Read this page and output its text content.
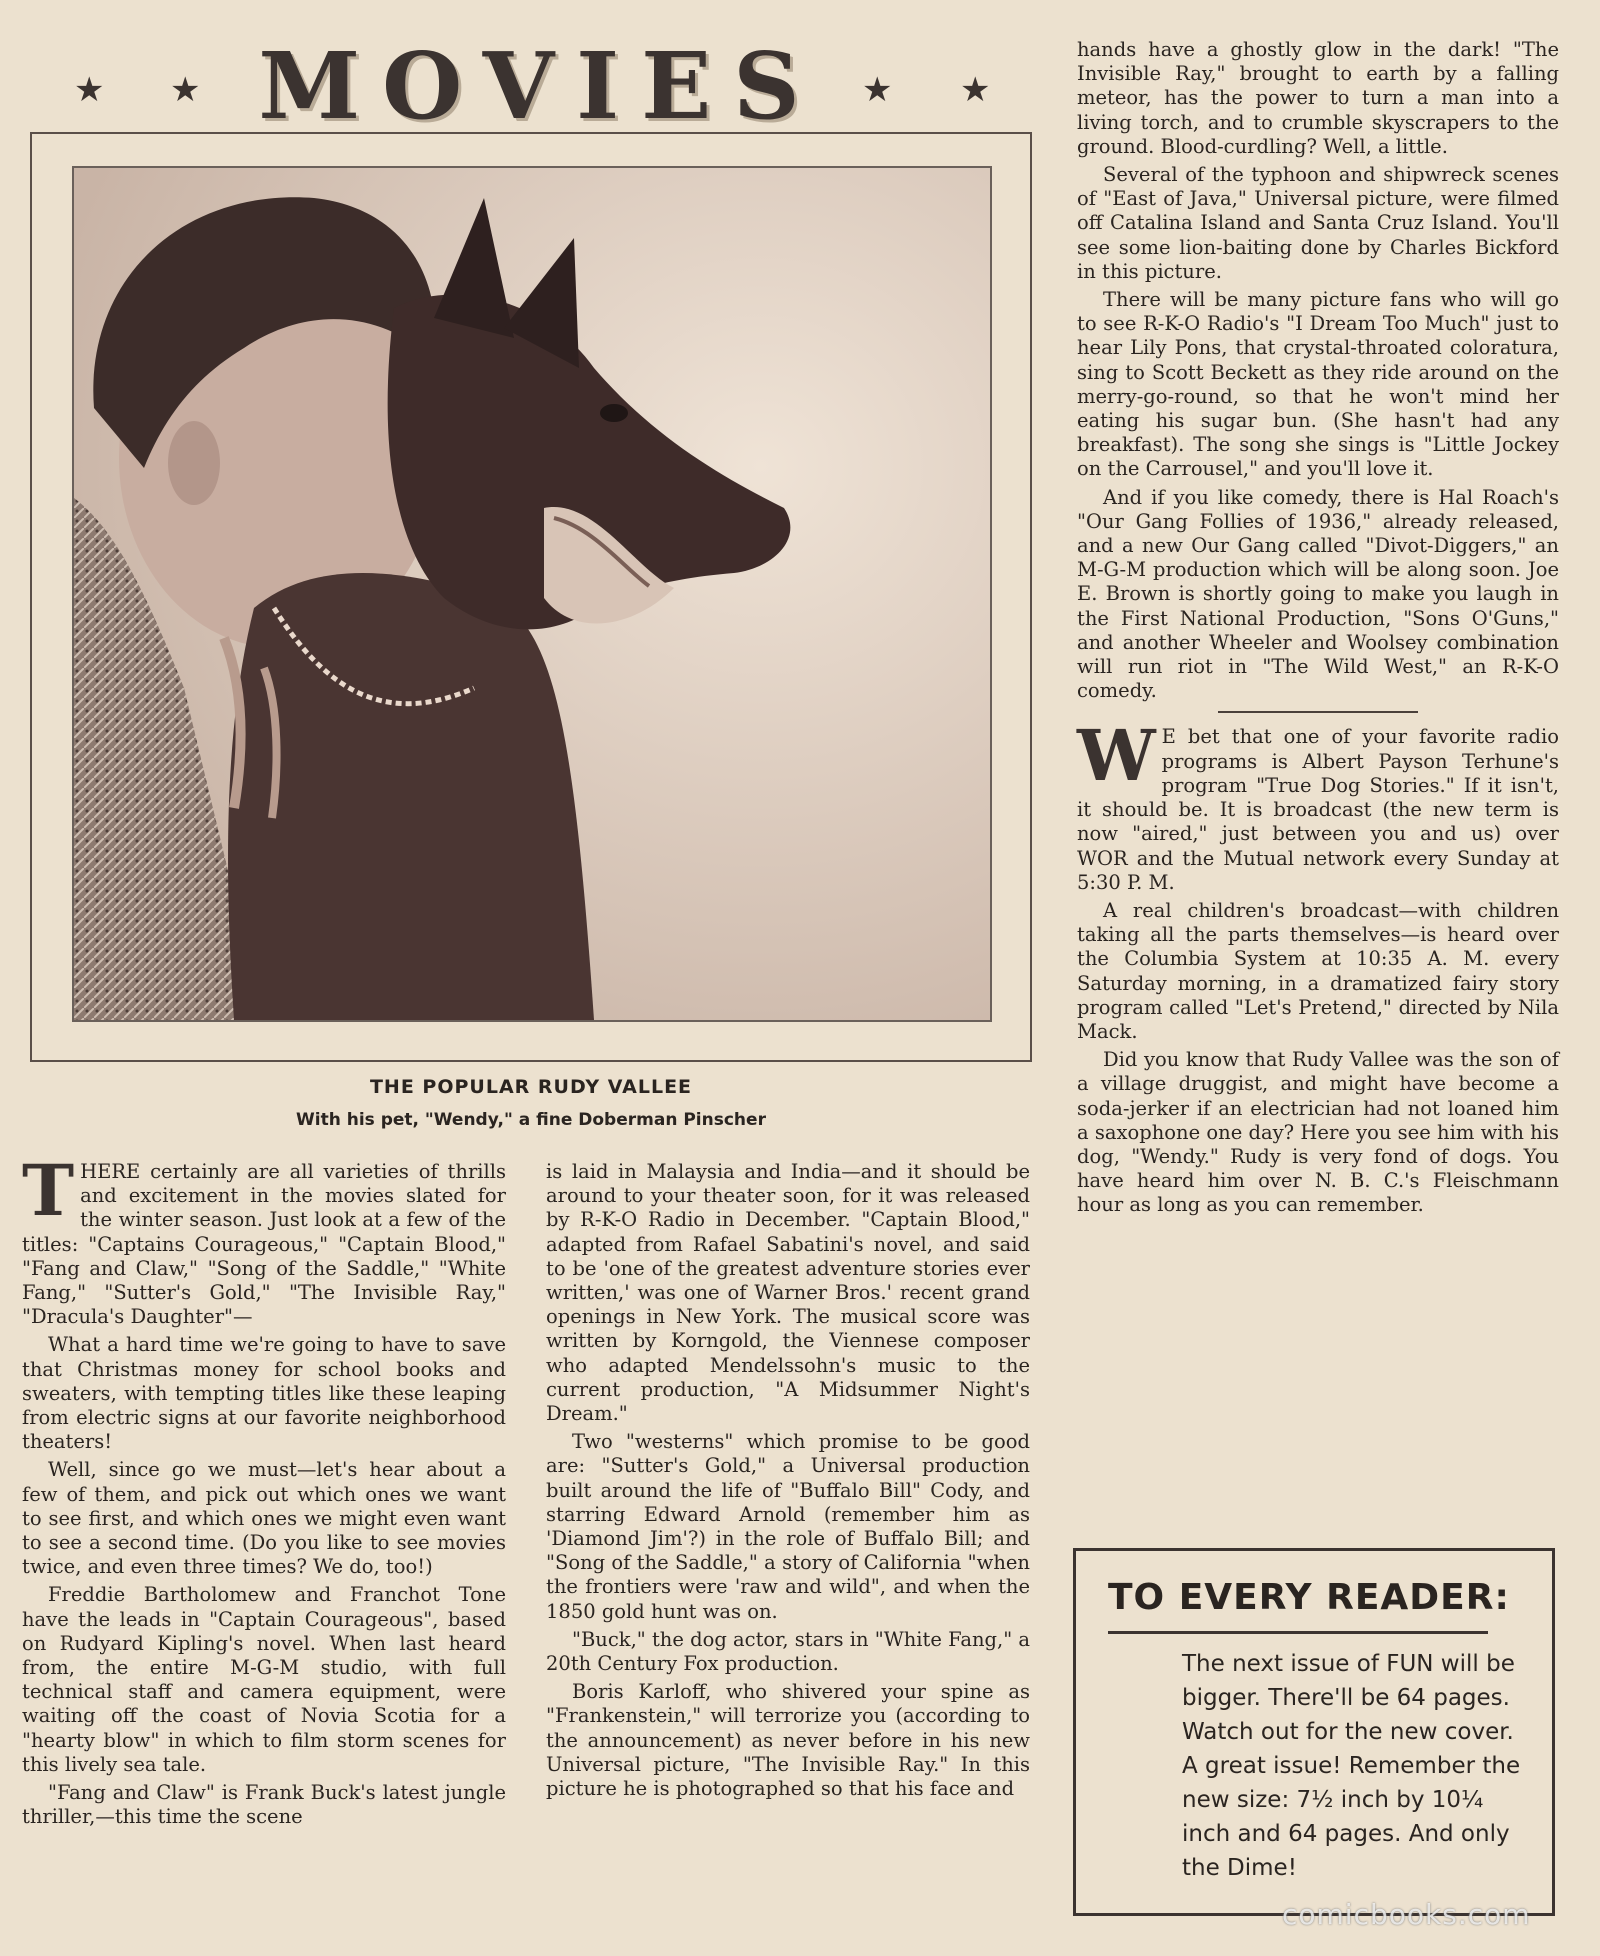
★ ★ MOVIES	★ ★
THE POPULAR RUDY VALLEE
With his pet, "Wendy," a fine Doberman Pinscher

THERE certainly are all varieties of thrills and excitement in the movies slated for the winter season. Just look at a few of the titles: "Captains Courageous," "Captain Blood," "Fang and Claw," "Song of the Saddle," "White Fang," "Sutter's Gold," "The Invisible Ray," "Dracula's Daughter"—

What a hard time we're going to have to save that Christmas money for school books and sweaters, with tempting titles like these leaping from electric signs at our favorite neighborhood theaters!

Well, since go we must—let's hear about a few of them, and pick out which ones we want to see first, and which ones we might even want to see a second time. (Do you like to see movies twice, and even three times? We do, too!)

Freddie Bartholomew and Franchot Tone have the leads in "Captain Courageous", based on Rudyard Kipling's novel. When last heard from, the entire M-G-M studio, with full technical staff and camera equipment, were waiting off the coast of Novia Scotia for a "hearty blow" in which to film storm scenes for this lively sea tale.

"Fang and Claw" is Frank Buck's latest jungle thriller,—this time the scene

is laid in Malaysia and India—and it should be around to your theater soon, for it was released by R-K-O Radio in December. "Captain Blood," adapted from Rafael Sabatini's novel, and said to be 'one of the greatest adventure stories ever written,' was one of Warner Bros.' recent grand openings in New York. The musical score was written by Korngold, the Viennese composer who adapted Mendelssohn's music to the current production, "A Midsummer Night's Dream."

Two "westerns" which promise to be good are: "Sutter's Gold," a Universal production built around the life of "Buffalo Bill" Cody, and starring Edward Arnold (remember him as 'Diamond Jim'?) in the role of Buffalo Bill; and "Song of the Saddle," a story of California "when the frontiers were 'raw and wild", and when the 1850 gold hunt was on.

"Buck," the dog actor, stars in "White Fang," a 20th Century Fox production.

Boris Karloff, who shivered your spine as "Frankenstein," will terrorize you (according to the announcement) as never before in his new Universal picture, "The Invisible Ray." In this picture he is photographed so that his face and

hands have a ghostly glow in the dark! "The Invisible Ray," brought to earth by a falling meteor, has the power to turn a man into a living torch, and to crumble skyscrapers to the ground. Blood-curdling? Well, a little.

Several of the typhoon and shipwreck scenes of "East of Java," Universal picture, were filmed off Catalina Island and Santa Cruz Island. You'll see some lion-baiting done by Charles Bickford in this picture.

There will be many picture fans who will go to see R-K-O Radio's "I Dream Too Much" just to hear Lily Pons, that crystal-throated coloratura, sing to Scott Beckett as they ride around on the merry-go-round, so that he won't mind her eating his sugar bun. (She hasn't had any breakfast). The song she sings is "Little Jockey on the Carrousel," and you'll love it.

And if you like comedy, there is Hal Roach's "Our Gang Follies of 1936," already released, and a new Our Gang called "Divot-Diggers," an M-G-M production which will be along soon. Joe E. Brown is shortly going to make you laugh in the First National Production, "Sons O'Guns," and another Wheeler and Woolsey combination will run riot in "The Wild West," an R-K-O comedy.

W E bet that one of your favorite radio programs is Albert Payson Terhune's program "True Dog Stories." If it isn't, it should be. It is broadcast (the new term is now "aired," just between you and us) over WOR and the Mutual network every Sunday at 5:30 P. M.

A real children's broadcast—with children taking all the parts themselves—is heard over the Columbia System at 10:35 A. M. every Saturday morning, in a dramatized fairy story program called "Let's Pretend," directed by Nila Mack.

Did you know that Rudy Vallee was the son of a village druggist, and might have become a soda-jerker if an electrician had not loaned him a saxophone one day? Here you see him with his dog, "Wendy." Rudy is very fond of dogs. You have heard him over N. B. C.'s Fleischmann hour as long as you can remember.

TO EVERY READER:
The next issue of FUN will be bigger. There'll be 64 pages. Watch out for the new cover. A great issue! Remember the new size: 7½ inch by 10¼ inch and 64 pages. And only the Dime!
comicbooks.com
